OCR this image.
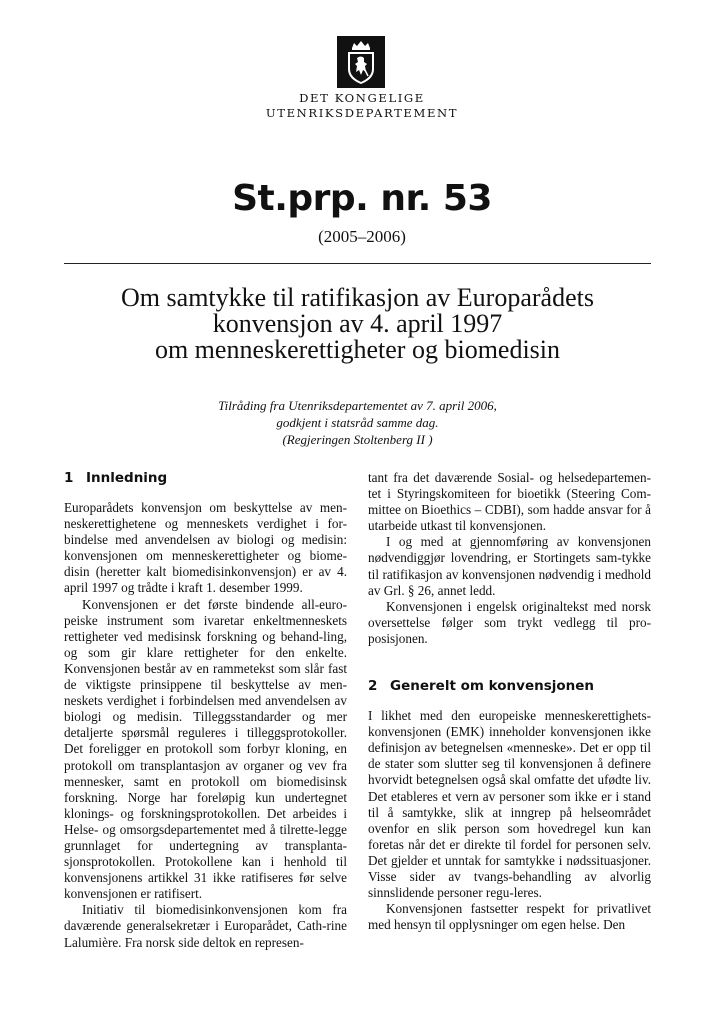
DET KONGELIGE
UTENRIKSDEPARTEMENT
St.prp. nr. 53
(2005–2006)
Om samtykke til ratifikasjon av Europarådets
konvensjon av 4. april 1997
om menneskerettigheter og biomedisin
Tilråding fra Utenriksdepartementet av 7. april 2006,
godkjent i statsråd samme dag.
(Regjeringen Stoltenberg II )
1 Innledning

Europarådets konvensjon om beskyttelse av men-neskerettighetene og menneskets verdighet i for-bindelse med anvendelsen av biologi og medisin: konvensjonen om menneskerettigheter og biome-disin (heretter kalt biomedisinkonvensjon) er av 4. april 1997 og trådte i kraft 1. desember 1999.

Konvensjonen er det første bindende all-euro-peiske instrument som ivaretar enkeltmenneskets rettigheter ved medisinsk forskning og behand-ling, og som gir klare rettigheter for den enkelte. Konvensjonen består av en rammetekst som slår fast de viktigste prinsippene til beskyttelse av men-neskets verdighet i forbindelsen med anvendelsen av biologi og medisin. Tilleggsstandarder og mer detaljerte spørsmål reguleres i tilleggsprotokoller. Det foreligger en protokoll som forbyr kloning, en protokoll om transplantasjon av organer og vev fra mennesker, samt en protokoll om biomedisinsk forskning. Norge har foreløpig kun undertegnet klonings- og forskningsprotokollen. Det arbeides i Helse- og omsorgsdepartementet med å tilrette-legge grunnlaget for undertegning av transplanta-sjonsprotokollen. Protokollene kan i henhold til konvensjonens artikkel 31 ikke ratifiseres før selve konvensjonen er ratifisert.

Initiativ til biomedisinkonvensjonen kom fra daværende generalsekretær i Europarådet, Cath-rine Lalumière. Fra norsk side deltok en represen-

tant fra det daværende Sosial- og helsedepartemen-tet i Styringskomiteen for bioetikk (Steering Com-mittee on Bioethics – CDBI), som hadde ansvar for å utarbeide utkast til konvensjonen.

I og med at gjennomføring av konvensjonen nødvendiggjør lovendring, er Stortingets sam-tykke til ratifikasjon av konvensjonen nødvendig i medhold av Grl. § 26, annet ledd.

Konvensjonen i engelsk originaltekst med norsk oversettelse følger som trykt vedlegg til pro-posisjonen.

2 Generelt om konvensjonen

I likhet med den europeiske menneskerettighets-konvensjonen (EMK) inneholder konvensjonen ikke definisjon av betegnelsen «menneske». Det er opp til de stater som slutter seg til konvensjonen å definere hvorvidt betegnelsen også skal omfatte det ufødte liv. Det etableres et vern av personer som ikke er i stand til å samtykke, slik at inngrep på helseområdet ovenfor en slik person som hovedregel kun kan foretas når det er direkte til fordel for personen selv. Det gjelder et unntak for samtykke i nødssituasjoner. Visse sider av tvangs-behandling av alvorlig sinnslidende personer regu-leres.

Konvensjonen fastsetter respekt for privatlivet med hensyn til opplysninger om egen helse. Den
